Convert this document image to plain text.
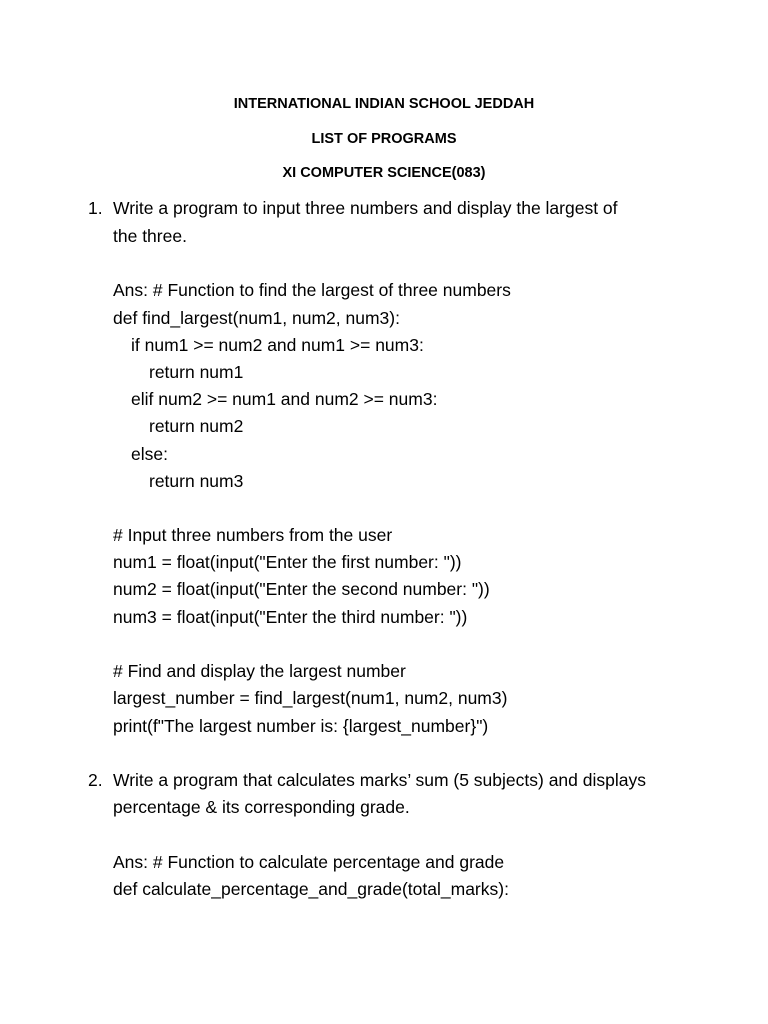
INTERNATIONAL INDIAN SCHOOL JEDDAH
LIST OF PROGRAMS
XI COMPUTER SCIENCE(083)
1. Write a program to input three numbers and display the largest of
the three.
Ans: # Function to find the largest of three numbers
def find_largest(num1, num2, num3):
if num1 >= num2 and num1 >= num3:
return num1
elif num2 >= num1 and num2 >= num3:
return num2
else:
return num3
# Input three numbers from the user
num1 = float(input("Enter the first number: "))
num2 = float(input("Enter the second number: "))
num3 = float(input("Enter the third number: "))
# Find and display the largest number
largest_number = find_largest(num1, num2, num3)
print(f"The largest number is: {largest_number}")
2. Write a program that calculates marks’ sum (5 subjects) and displays
percentage & its corresponding grade.
Ans: # Function to calculate percentage and grade
def calculate_percentage_and_grade(total_marks):
